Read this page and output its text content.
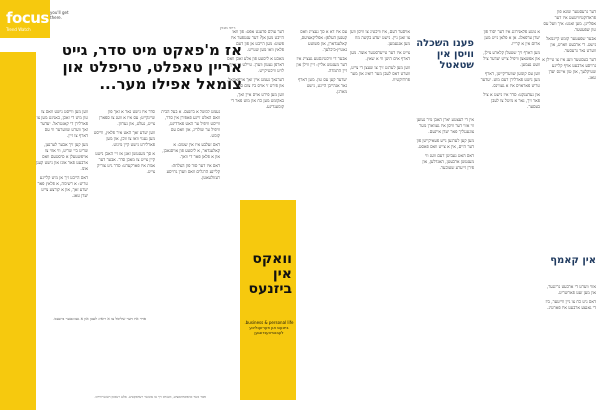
focus
Trend Watch
you'll get there.
רייפ מגזין
אז מ'פאקט מיט סדר, גייט אריין טאפלט, טריפלט און צומאל אפילו מער...

ווען מען ווייסט נישט וואס צו טון מיט די זאכן, באגינט מען צו פארלירן די קאנטראל. יעדער זאך ווערט שווערער ווי עס דארף צו זיין.

מען קען זיך אבער לערנען, שריט ביי שריט, ווי אזוי צו אויפשטעלן א סיסטעם וואס ארבעט פאר אונז און נישט קעגן אונז.

דאס הייבט זיך אן מיט קליינע טריט: א רשימה, א פלאץ פאר יעדע זאך, און א קורצע צייט יעדן טאג.

סדר איז נישט נאר א זאך פון שיינקייט; עס איז א וועג צו ספארן צייט, געלט, און נערוון.

ווען יעדע זאך האט איר פלאץ, ווייסט מען גענוי וואו צו זוכן, און מען פארלירט נישט קיין מינוט.

א סך מענטשן זאגן אז זיי האבן נישט קיין צייט צו מאכן סדר. אבער דער אמת איז פארקערט: סדר גיט צוריק צייט.

נעמט למשל א ביזנעס. א בעל הבית וואס האלט זיינע פאפירן אין סדר, ווייסט וויפיל ער האט פארדינט, וויפיל ער שולדיג, און וואס עס קומט.

דאס זעלבע איז אין שטוב: א קאלענדאר, א ליסטע פון אויסגאבן, און א פלאן פאר די וואך.

דאס איז דער סוד פון הצלחה: קליינע הרגלים וואס ווערן גרויסע רעזולטאטן.

דער עולם פרעגט אפט: פון וואו הייבט מען אן? דער ענטפער איז פשוט: מען הייבט אן פון דעם פלאץ וואו מען שטייט.

מאכט א ליסטע פון אלע זאכן וואס דארפן געטון ווערן. טיילט זיי אויף לויט וויכטיקייט.

דערנאך נעמט איין זאך אויפאמאל, און פירט זי אויס ביז צום סוף.

ווען מען פירט אויס איין זאך, באקומט מען כח און מוט פאר די קומענדיגע.

וואקס אין ביזנעס
business & personal life. ביזנעס און פערזענליכע לעבנס-ווענדונגען

עס איז דא א סך געצייג וואס קענען העלפן: אפליקאציעס, קאלענדארן, און פשוטע נאטיץ-ביכלעך.

אבער די וויכטיגסטע געצייג איז דער מענטש אליין: זיין ווילן און זיין התמדה.

יעדער קען עס טון. מען דארף נאר אנהייבן היינט, נישט מארגן.

אויסער דעם, איז וויכטיג צו וויסן ווען צו זאגן ניין. נישט יעדע בקשה מוז מען אננעמען.

צייט איז דער טייערסטער אוצר. מען דארף אים היטן ווי א שאץ.

ווען מען לערנט זיך צו שעצן די צייט, ווערט דאס לעבן מער רואיג און מער פרודוקטיוו.

פענו השכלה וויסן אין שטאטל

אין די לעצטע יארן האבן מיר געזען ווי אזוי דער וויסן איז געווארן מער צוגענגליך פאר יעדן איינעם.

מען קען לערנען נייע פעאיקייטן פון דער היים, אין א צייט וואס פאסט.

דאס האט געביטן דעם וועג ווי מענטשן ארבעטן, האנדלען, און פירן זייערע שטובער.

א גוטע פלאנירונג איז דער יסוד פון יעדן ערפאלג. אן א פלאן גייט מען ארום אין א קרייז.

מען דארף זיך שטעלן קלארע צילן, און אפשאצן וויפיל צייט יעדער ציל וועט נעמען.

ווען עס קומען שוועריקייטן, דארף מען נישט פארלירן דעם מוט. יעדער טריט פאראויס איז א געווינס.

און געדענקט: סדר איז נישט א ציל פאר זיך, נאר א מיטל צו לעבן בעסער.

דער גרעסטער שונא פון פראדוקטיוויטעט איז דער אפלייגן. מען זאגט: איך וועל עס טון שפעטער.

אבער שפעטער קומט קיינמאל נישט. די ארבעט ווארט, און ווערט נאר גרעסער.

דער בעסטער וועג איז צו טיילן א גרויסע ארבעט אויף קליינע שטיקלעך, און טון איינס יעדן טאג.

אין קאמף

אזוי ווערט די ארבעט גרינגער, און מען זעט פארשריט.

דאס גיט כח צו גיין ווייטער, ביז די גאנצע ארבעט איז פארטיג.

סדר איז דער שליסל צו א רואיג לעבן און א געזונטער ביזנעס.
פאר מער אינפארמאציע, ווענדט זיך צו אונזער רעדאקציע. אלע רעכטן רעזערווירט.
